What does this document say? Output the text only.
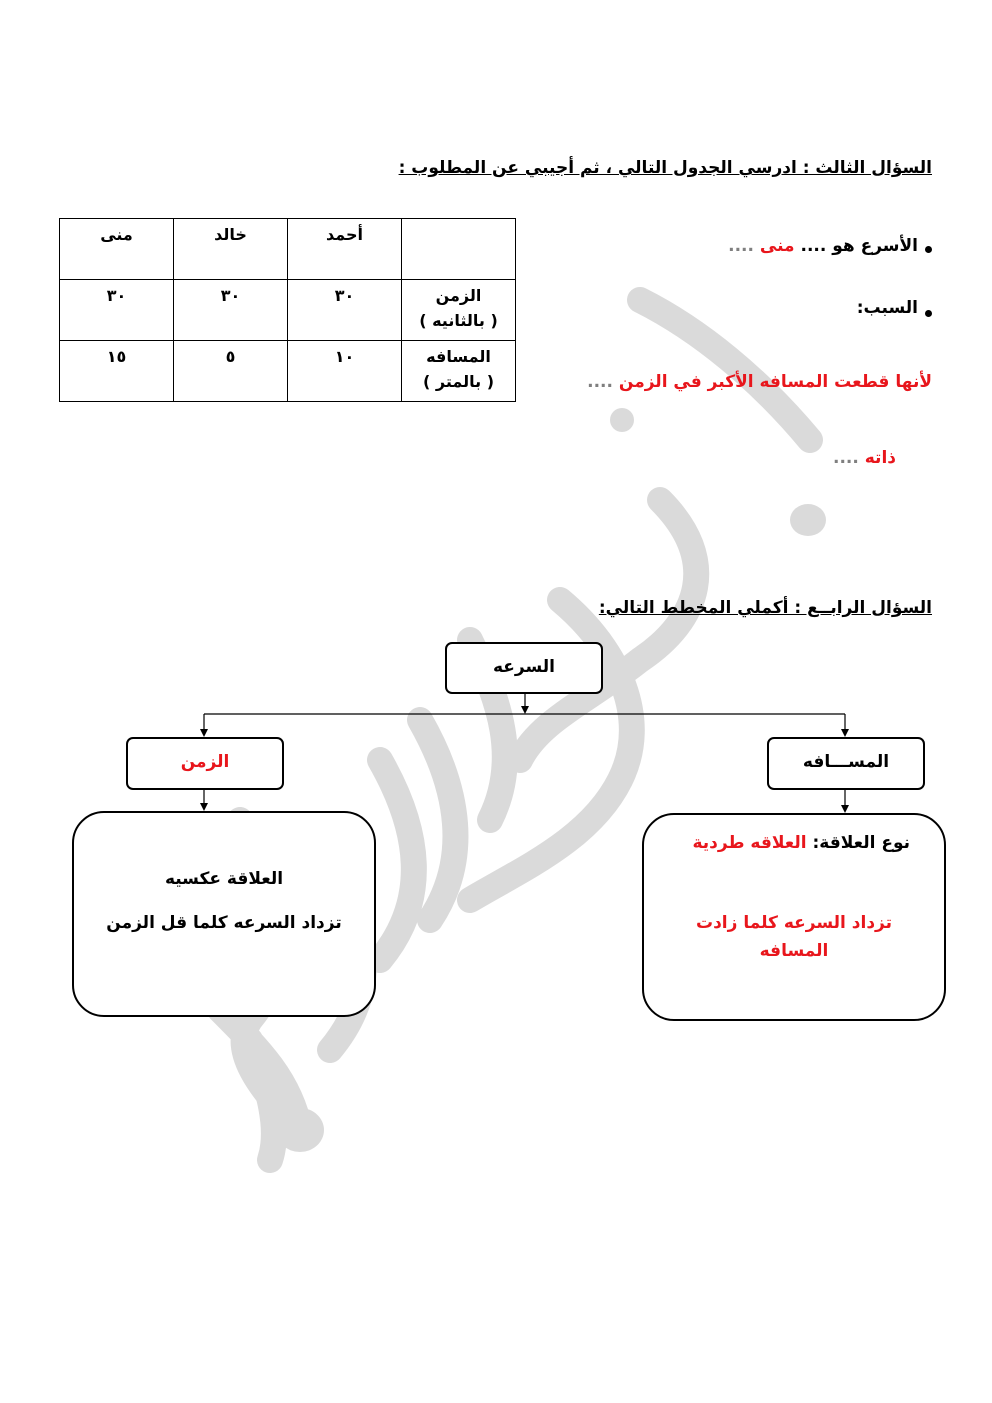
السؤال الثالث : ادرسي الجدول التالي ، ثم أجيبي عن المطلوب :
	أحمد	خالد	منى

الزمن
( بالثانيه )	٣٠	٣٠	٣٠

المسافه
( بالمتر )	١٠	٥	١٥
الأسرع هو .... منى ....
السبب:
لأنها قطعت المسافه الأكبر في الزمن ....
ذاته ....
السؤال الرابــع : أكملي المخطط التالي:
السرعه
الزمن	المســـافه
العلاقة عكسيه
تزداد السرعه كلما قل الزمن
نوع العلاقة: العلاقه طردية
تزداد السرعه كلما زادت
المسافه
